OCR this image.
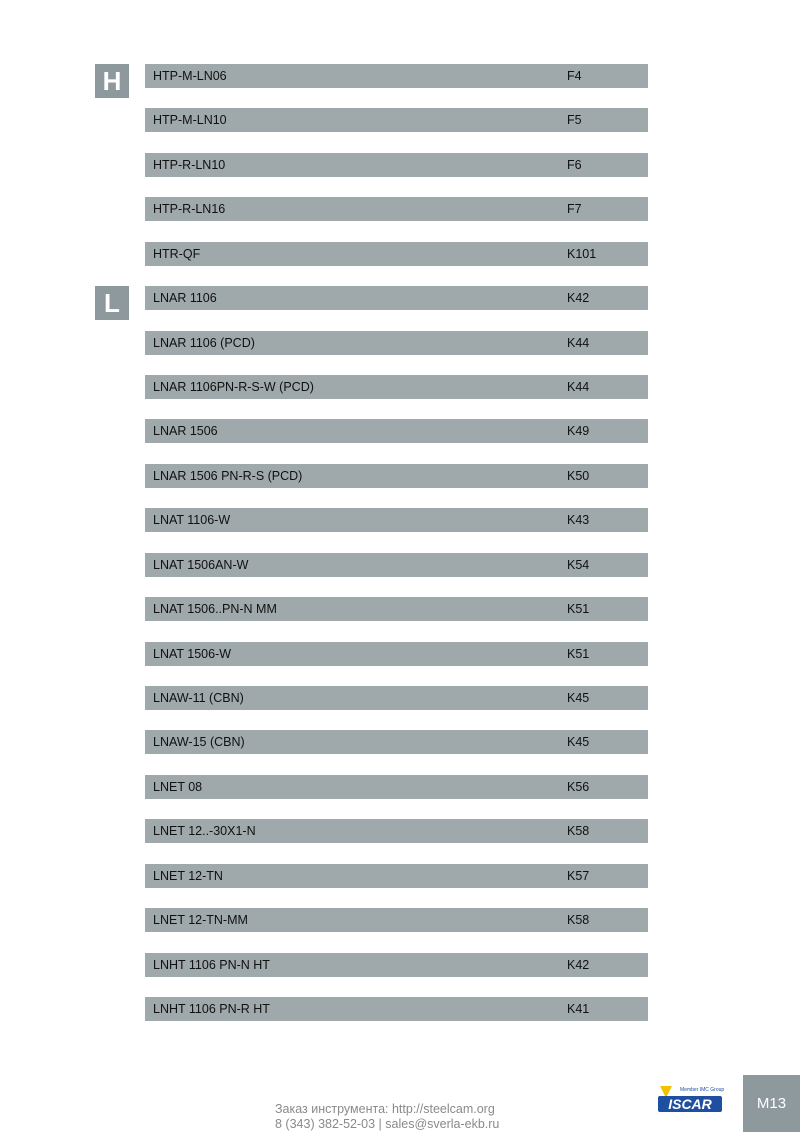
H
L
HTP-M-LN06	F4
HTP-M-LN10	F5
HTP-R-LN10	F6
HTP-R-LN16	F7
HTR-QF	K101
LNAR 1106	K42
LNAR 1106 (PCD)	K44
LNAR 1106PN-R-S-W (PCD)	K44
LNAR 1506	K49
LNAR 1506 PN-R-S (PCD)	K50
LNAT 1106-W	K43
LNAT 1506AN-W	K54
LNAT 1506..PN-N MM	K51
LNAT 1506-W	K51
LNAW-11 (CBN)	K45
LNAW-15 (CBN)	K45
LNET 08	K56
LNET 12..-30X1-N	K58
LNET 12-TN	K57
LNET 12-TN-MM	K58
LNHT 1106 PN-N HT	K42
LNHT 1106 PN-R HT	K41
Заказ инструмента: http://steelcam.org
8 (343) 382-52-03 | sales@sverla-ekb.ru
Member IMC Group
ISCAR	M13
